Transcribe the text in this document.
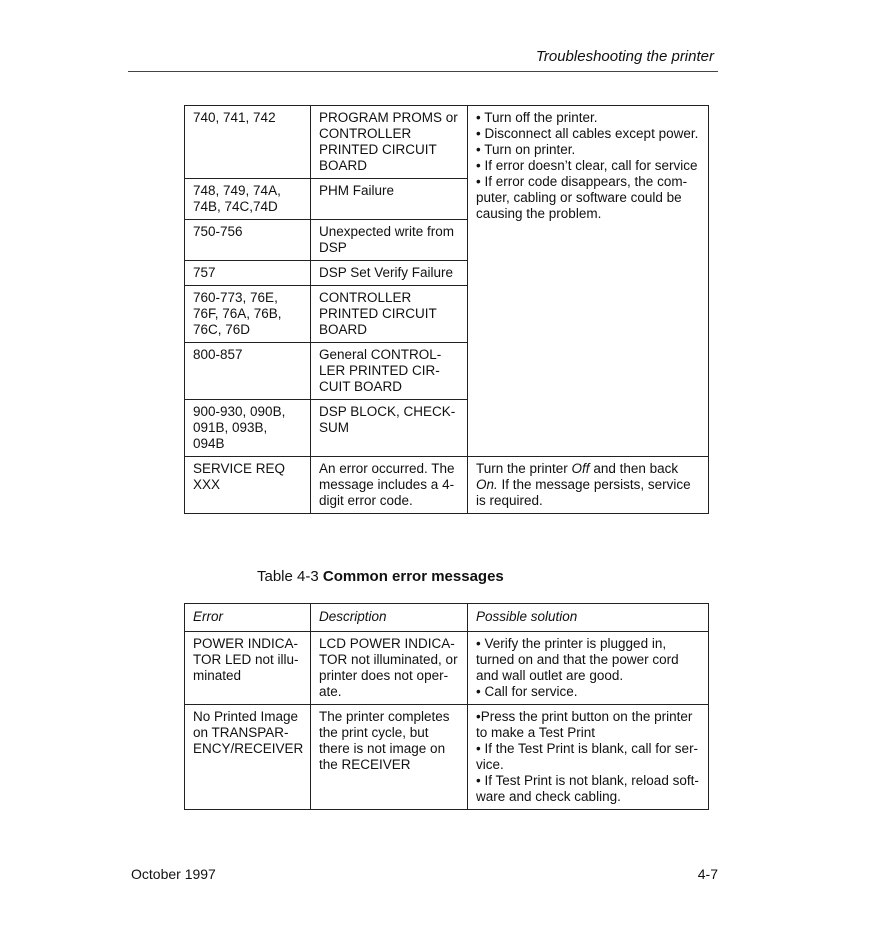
Troubleshooting the printer
740, 741, 742	PROGRAM PROMS or CONTROLLER PRINTED CIRCUIT BOARD	• Turn off the printer.
• Disconnect all cables except power.
• Turn on printer.
• If error doesn’t clear, call for service
• If error code disappears, the com-puter, cabling or software could be causing the problem.

748, 749, 74A, 74B, 74C,74D	PHM Failure	
750-756	Unexpected write from DSP	
757	DSP Set Verify Failure	
760-773, 76E, 76F, 76A, 76B, 76C, 76D	CONTROLLER PRINTED CIRCUIT BOARD	
800-857	General CONTROL-LER PRINTED CIR-CUIT BOARD	
900-930, 090B, 091B, 093B, 094B	DSP BLOCK, CHECK-SUM	
SERVICE REQ XXX	An error occurred. The message includes a 4-digit error code.	Turn the printer Off and then back On. If the message persists, service is required.
Table 4-3 Common error messages
Error	Description	Possible solution
POWER INDICA-TOR LED not illu-minated	LCD POWER INDICA-TOR not illuminated, or printer does not oper-ate.	• Verify the printer is plugged in, turned on and that the power cord and wall outlet are good.
• Call for service.

No Printed Image on TRANSPAR-ENCY/RECEIVER	The printer completes the print cycle, but there is not image on the RECEIVER	•Press the print button on the printer to make a Test Print
• If the Test Print is blank, call for ser-vice.
• If Test Print is not blank, reload soft-ware and check cabling.
October 1997	4-7
